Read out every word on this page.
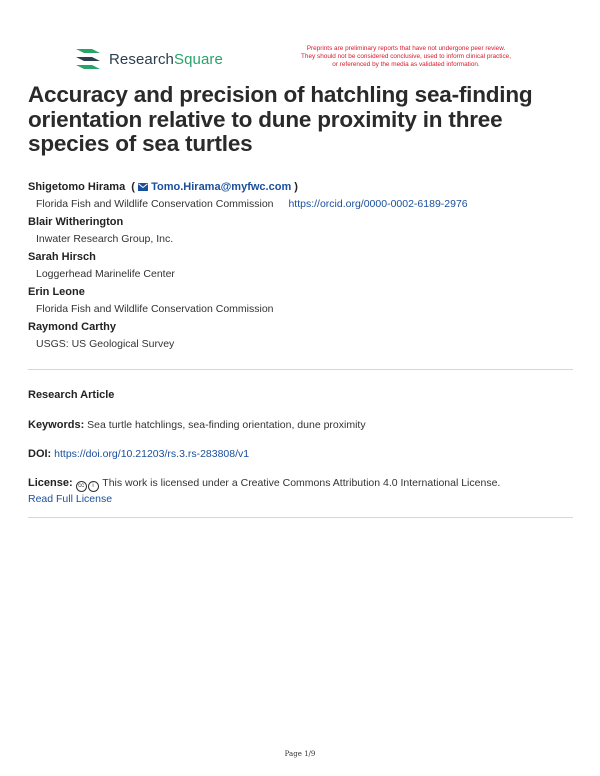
ResearchSquare
Preprints are preliminary reports that have not undergone peer review.
They should not be considered conclusive, used to inform clinical practice,
or referenced by the media as validated information.
Accuracy and precision of hatchling sea-finding orientation relative to dune proximity in three species of sea turtles
Shigetomo Hirama  ( Tomo.Hirama@myfwc.com )
Florida Fish and Wildlife Conservation Commission https://orcid.org/0000-0002-6189-2976
Blair Witherington
Inwater Research Group, Inc.
Sarah Hirsch
Loggerhead Marinelife Center
Erin Leone
Florida Fish and Wildlife Conservation Commission
Raymond Carthy
USGS: US Geological Survey
Research Article
Keywords: Sea turtle hatchlings, sea-finding orientation, dune proximity
DOI: https://doi.org/10.21203/rs.3.rs-283808/v1
License: cc i This work is licensed under a Creative Commons Attribution 4.0 International License.
Read Full License
Page 1/9
